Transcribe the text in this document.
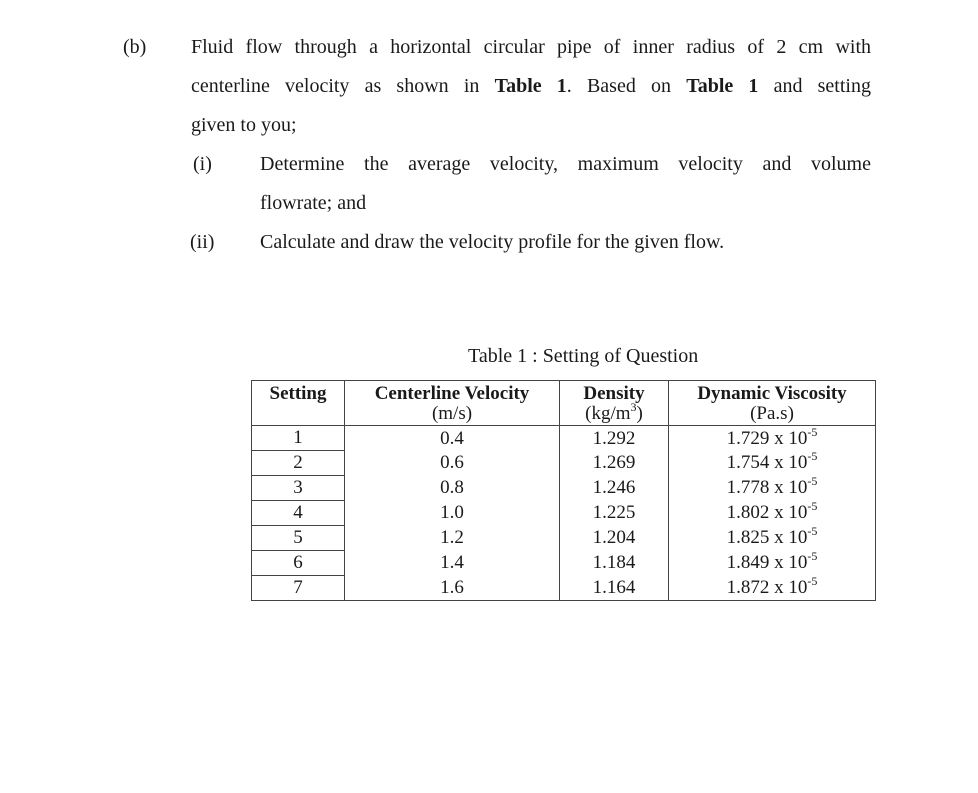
(b) Fluid flow through a horizontal circular pipe of inner radius of 2 cm with
centerline velocity as shown in Table 1. Based on Table 1 and setting
given to you;
(i) Determine the average velocity, maximum velocity and volume
flowrate; and
(ii) Calculate and draw the velocity profile for the given flow.
Table 1 : Setting of Question
Setting	Centerline Velocity	Density	Dynamic Viscosity
	(m/s)	$(kg/m^3)$	(Pa.s)
1	0.4	1.292	1.729 x $10^{-5}$
2	0.6	1.269	1.754 x $10^{-5}$
3	0.8	1.246	1.778 x $10^{-5}$
4	1.0	1.225	1.802 x $10^{-5}$
5	1.2	1.204	1.825 x $10^{-5}$
6	1.4	1.184	1.849 x $10^{-5}$
7	1.6	1.164	1.872 x $10^{-5}$
